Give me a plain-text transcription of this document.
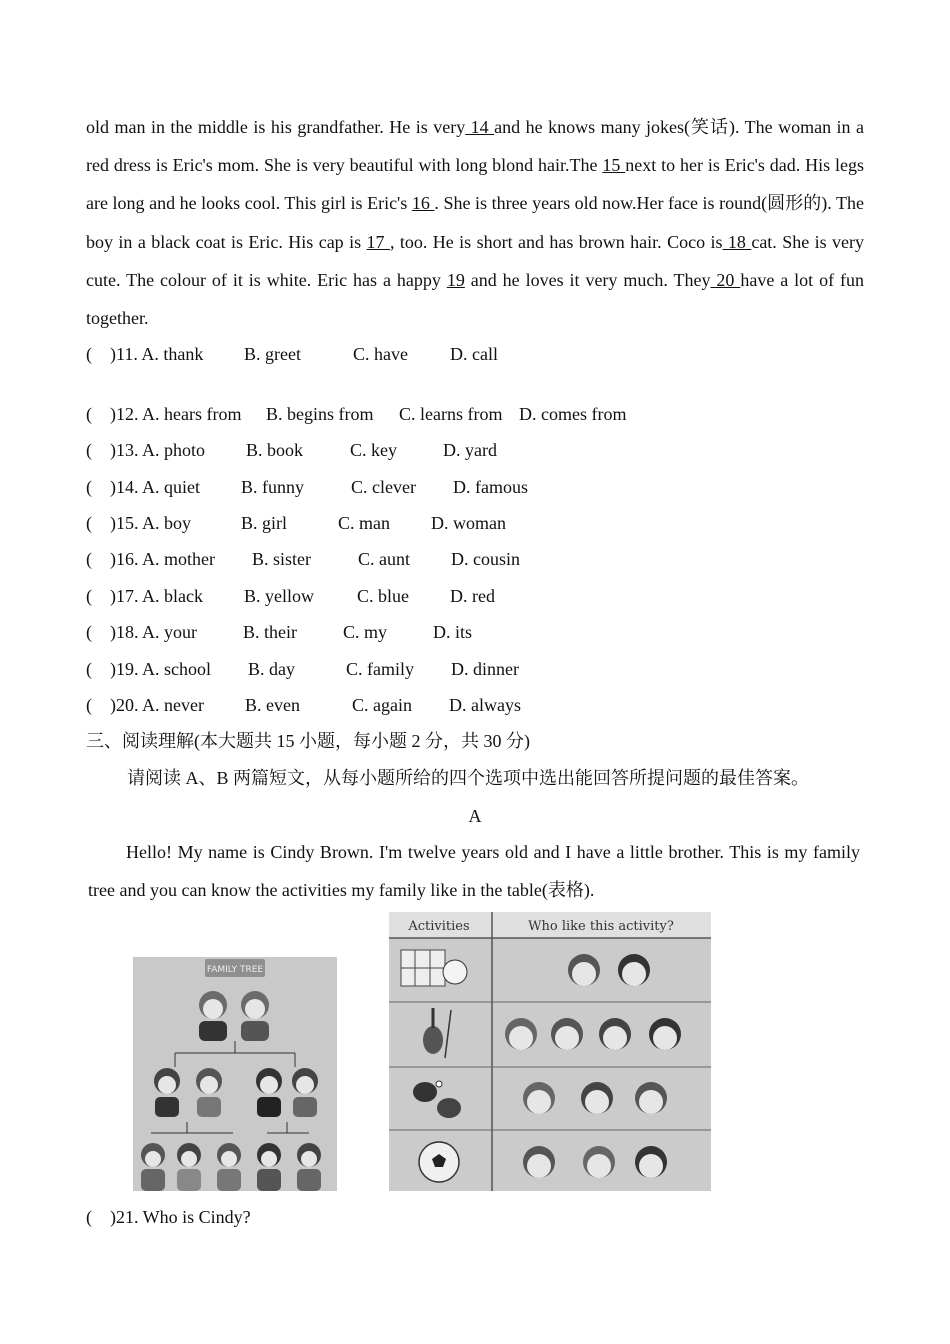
old man in the middle is his grandfather. He is very 14 and he knows many jokes(笑话). The woman in a red dress is Eric's mom. She is very beautiful with long blond hair.The 15 next to her is Eric's dad. His legs are long and he looks cool. This girl is Eric's 16 . She is three years old now.Her face is round(圆形的). The boy in a black coat is Eric. His cap is 17 , too. He is short and has brown hair. Coco is 18 cat. She is very cute. The colour of it is white. Eric has a happy 19 and he loves it very much. They 20 have a lot of fun together.

(    )11. A. thank

B. greet

	C. have

D. call

(    )12. A. hears from

B. begins from

C. learns from

D. comes from

(    )13. A. photo

B. book

	C. key

	D. yard

(    )14. A. quiet

B. funny

	C. clever

D. famous

(    )15. A. boy

	B. girl

	C. man

D. woman

(    )16. A. mother

B. sister

	C. aunt

D. cousin

(    )17. A. black

B. yellow

C. blue

D. red

(    )18. A. your

	B. their

	C. my

	D. its

(    )19. A. school

B. day

	C. family

D. dinner

(    )20. A. never

B. even

	C. again

D. always

三、阅读理解(本大题共 15 小题，每小题 2 分，共 30 分)
请阅读 A、B 两篇短文，从每小题所给的四个选项中选出能回答所提问题的最佳答案。
A
Hello! My name is Cindy Brown. I'm twelve years old and I have a little brother. This is my family tree and you can know the activities my family like in the table(表格).
FAMILY TREE
Activities	Who like this activity?
(    )21. Who is Cindy?
